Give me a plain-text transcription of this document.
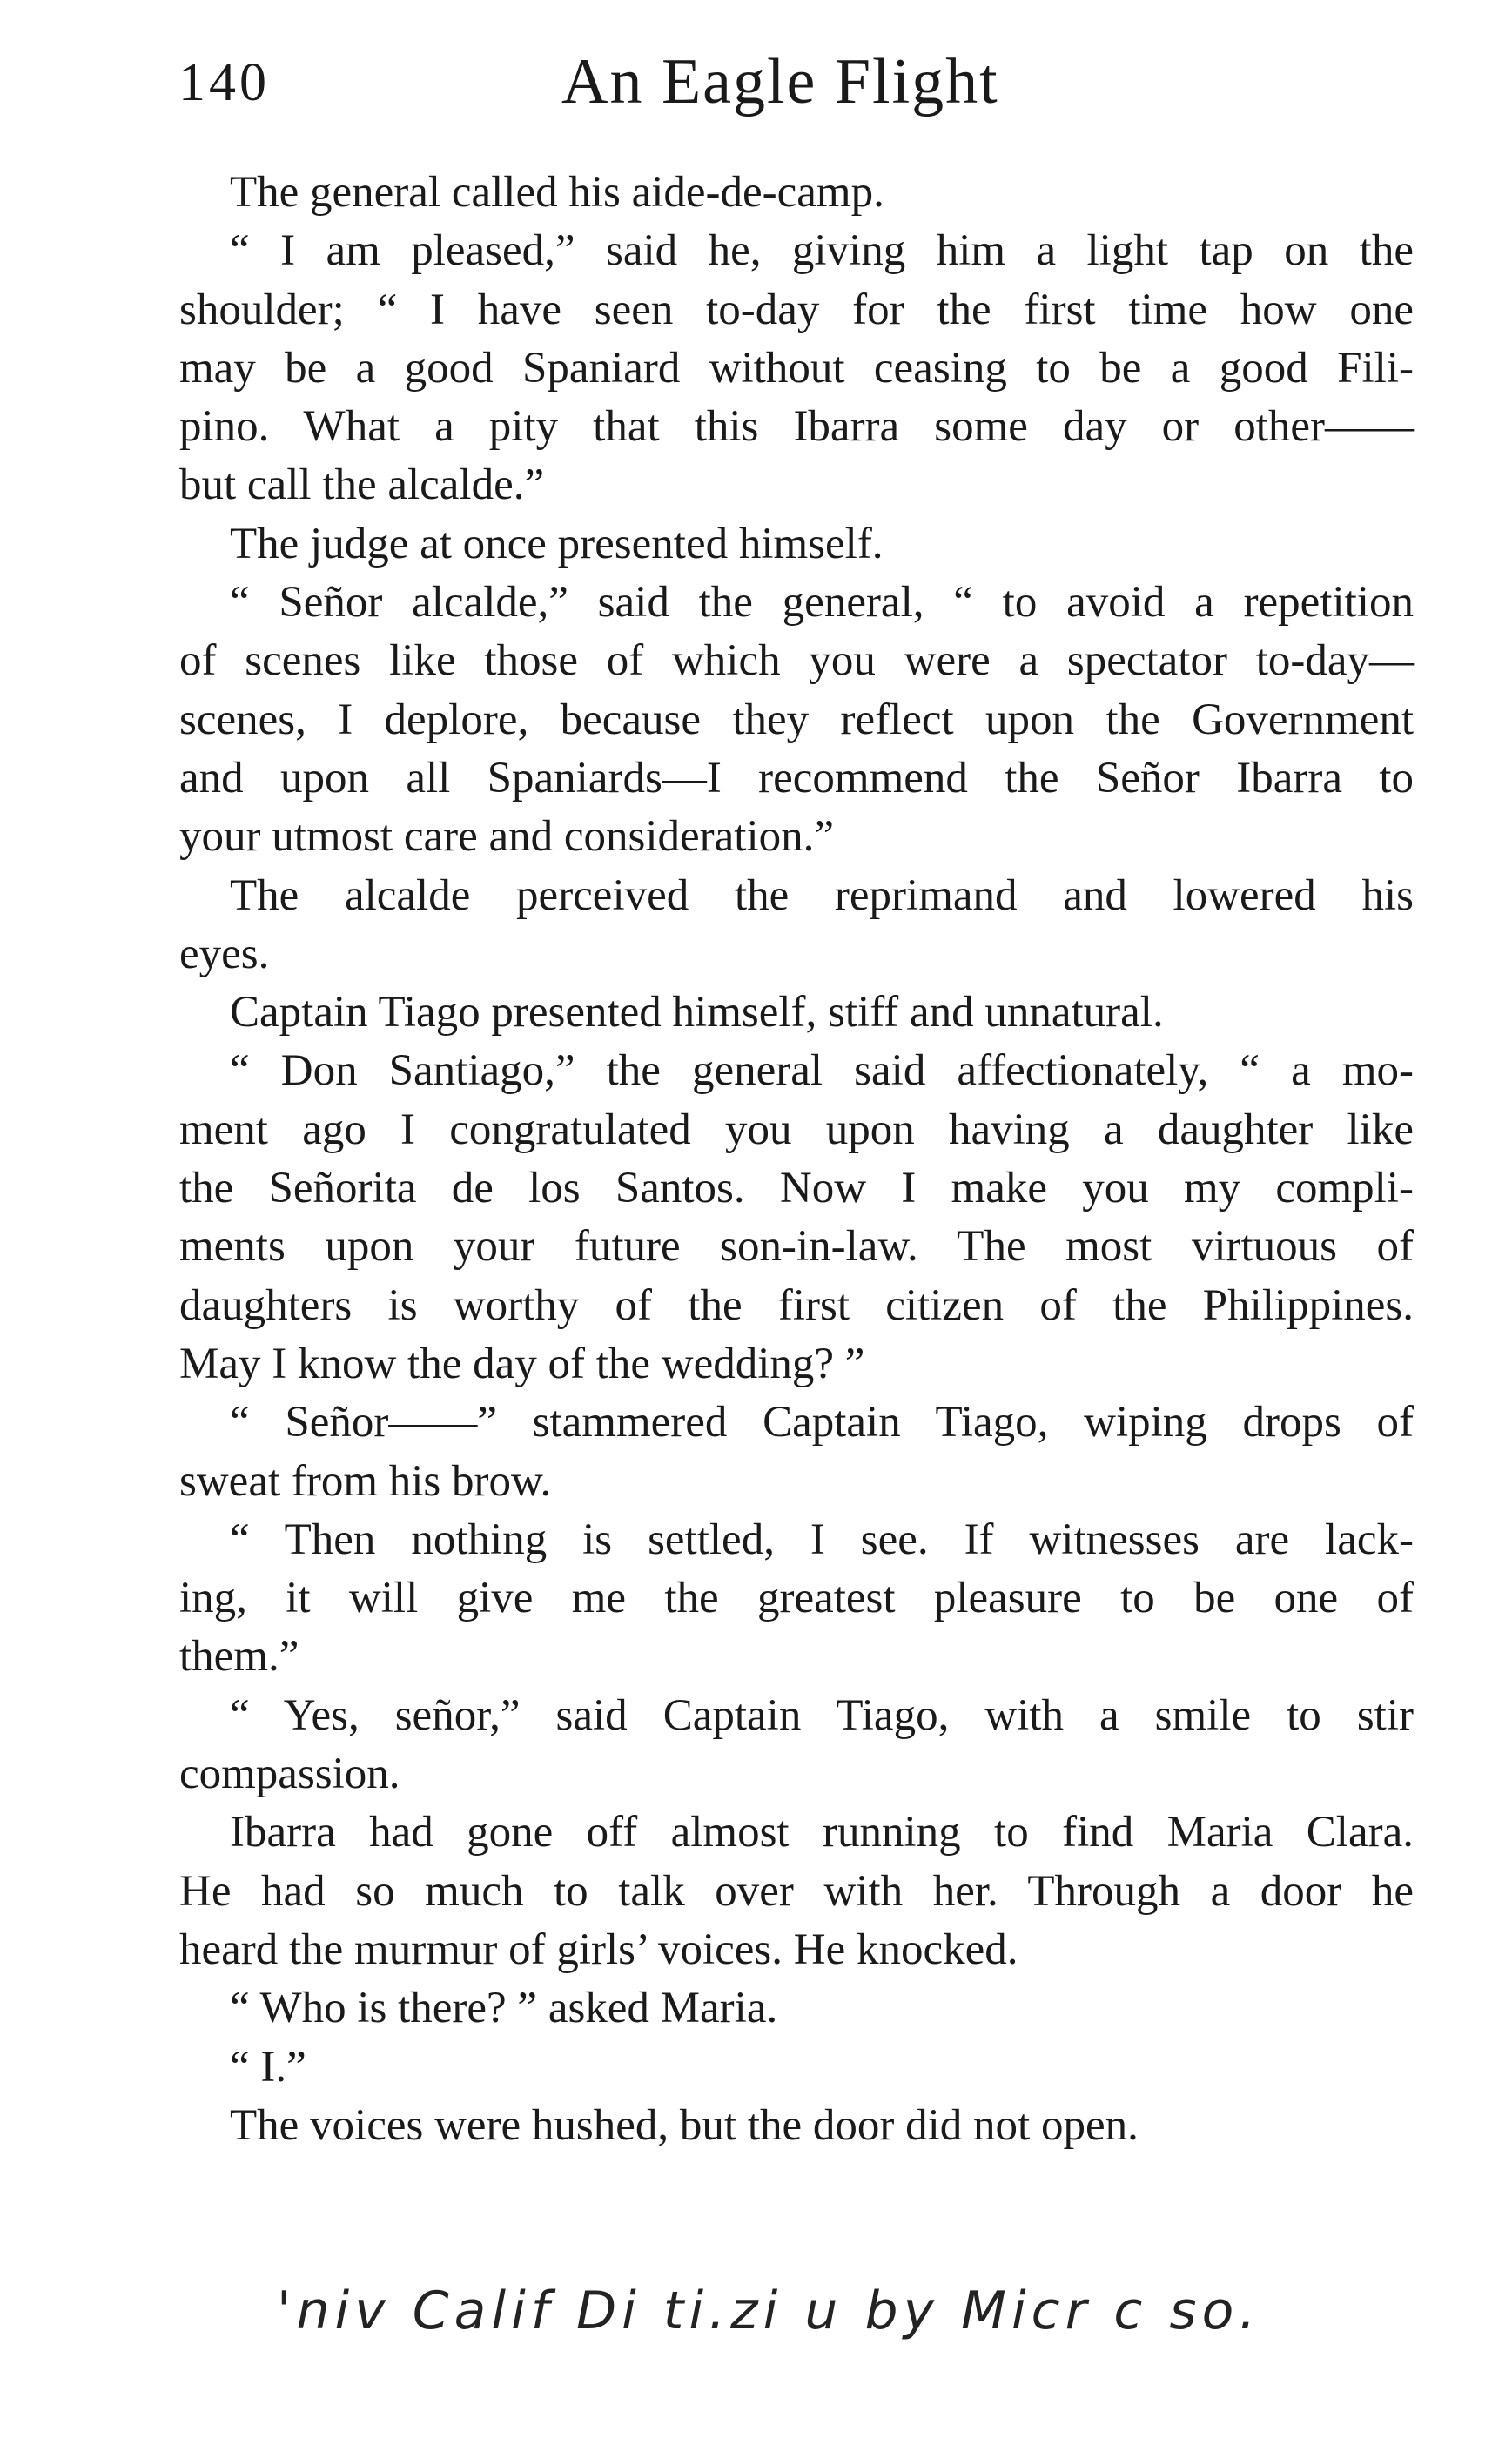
140	An Eagle Flight
The general called his aide-de-camp.
“ I am pleased,” said he, giving him a light tap on the
shoulder; “ I have seen to-day for the first time how one
may be a good Spaniard without ceasing to be a good Fili-
pino. What a pity that this Ibarra some day or other——
but call the alcalde.”
The judge at once presented himself.
“ Señor alcalde,” said the general, “ to avoid a repetition
of scenes like those of which you were a spectator to-day—
scenes, I deplore, because they reflect upon the Government
and upon all Spaniards—I recommend the Señor Ibarra to
your utmost care and consideration.”
The alcalde perceived the reprimand and lowered his
eyes.
Captain Tiago presented himself, stiff and unnatural.
“ Don Santiago,” the general said affectionately, “ a mo-
ment ago I congratulated you upon having a daughter like
the Señorita de los Santos. Now I make you my compli-
ments upon your future son-in-law. The most virtuous of
daughters is worthy of the first citizen of the Philippines.
May I know the day of the wedding? ”
“ Señor——” stammered Captain Tiago, wiping drops of
sweat from his brow.
“ Then nothing is settled, I see. If witnesses are lack-
ing, it will give me the greatest pleasure to be one of
them.”
“ Yes, señor,” said Captain Tiago, with a smile to stir
compassion.
Ibarra had gone off almost running to find Maria Clara.
He had so much to talk over with her. Through a door he
heard the murmur of girls’ voices. He knocked.
“ Who is there? ” asked Maria.
“ I.”
The voices were hushed, but the door did not open.
'niv Calif Di ti.zi u by Micr c so.
